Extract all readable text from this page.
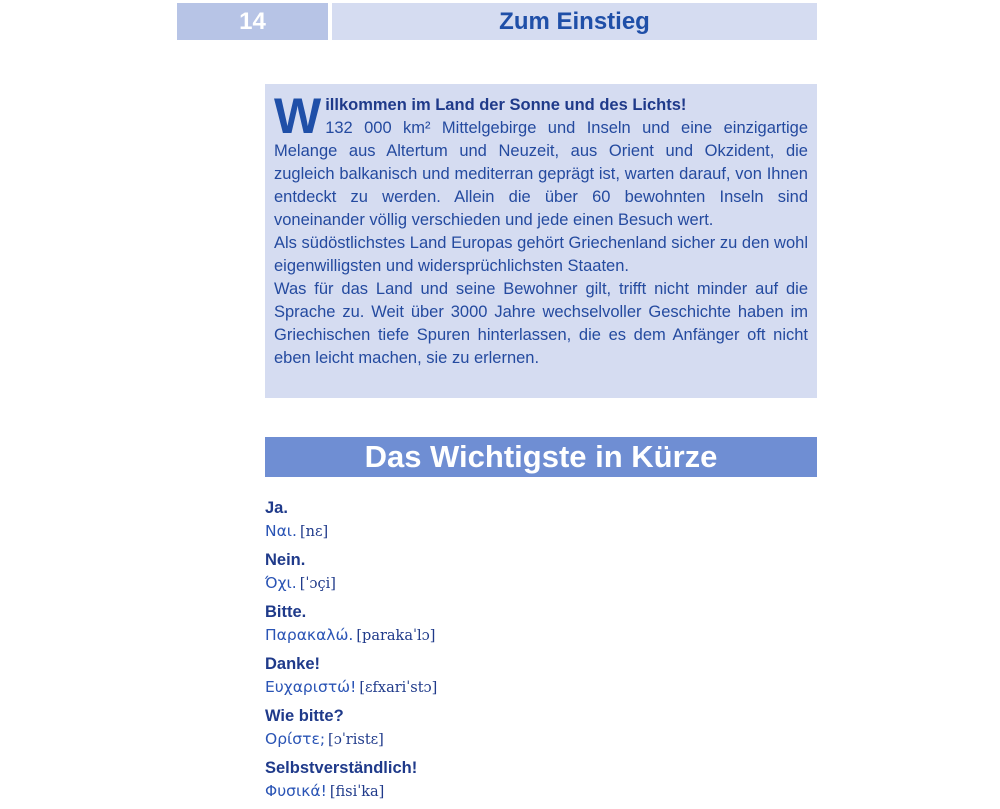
14	Zum Einstieg
W illkommen im Land der Sonne und des Lichts!
132 000 km² Mittelgebirge und Inseln und eine einzigartige Melange aus Altertum und Neuzeit, aus Orient und Okzident, die zugleich balkanisch und mediterran geprägt ist, warten darauf, von Ihnen entdeckt zu werden. Allein die über 60 bewohnten Inseln sind voneinander völlig verschieden und jede einen Besuch wert.

Als südöstlichstes Land Europas gehört Griechenland sicher zu den wohl eigenwilligsten und widersprüchlichsten Staaten.

Was für das Land und seine Bewohner gilt, trifft nicht minder auf die Sprache zu. Weit über 3000 Jahre wechselvoller Geschichte haben im Griechischen tiefe Spuren hinterlassen, die es dem Anfänger oft nicht eben leicht machen, sie zu erlernen.

Das Wichtigste in Kürze
Ja.
Ναι. [nɛ]
Nein.
Όχι. [ˈɔçi]
Bitte.
Παρακαλώ. [parakaˈlɔ]
Danke!
Ευχαριστώ! [ɛfxariˈstɔ]
Wie bitte?
Ορίστε; [ɔˈristɛ]
Selbstverständlich!
Φυσικά! [fisiˈka]
